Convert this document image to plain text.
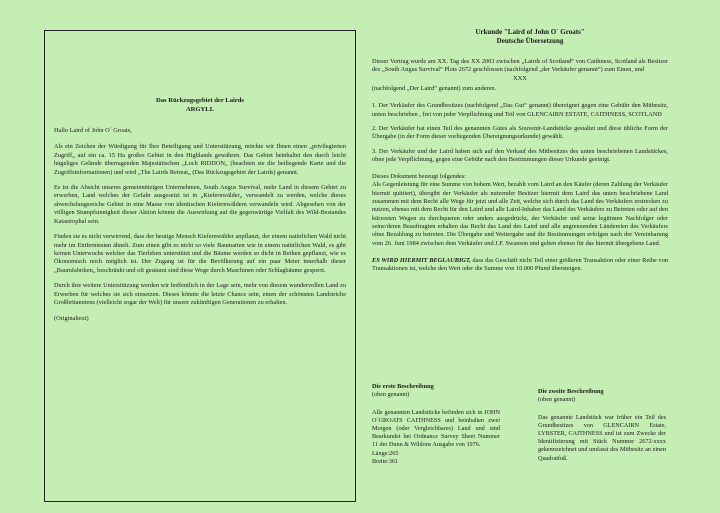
Das Rückzugsgebiet der Lairds
ARGYLL

Hallo Laird of John O´ Groats,

Als ein Zeichen der Würdigung für Ihre Beteiligung und Unterstützung, möchte wir Ihnen einen „privilegierten Zugriff„ auf ein ca. 15 Ha großes Gebiet in den Highlands gewähren. Das Gebiet beinhaltet den durch leicht hügeliges Gelände überragenden Majestätischen „Loch RIDDON„ (beachten sie die beiliegende Karte und die Zugriffsinformationen) und wird „The Lairds Retreat„ (Das Rückzugsgebiet der Lairds) genannt.

Es ist die Absicht unseres gemeinnützigen Unternehmen, South Angus Survival, mehr Land in diesem Gebiet zu erwerben, Land welches der Gefahr ausgesetzt ist in „Kiefernwälder„ verwandelt zu werden, welche dieses abwechslungsreiche Gebiet in eine Masse von identischen Kiefernwäldern verwandeln wird. Abgesehen von der völligen Stumpfsinnigkeit dieser Aktion könnte die Auswirkung auf die gegenwärtige Vielfalt des Wild-Bestandes Katastrophal sein.

Finden sie es nicht verwirrend, dass der heutige Mensch Kiefernwälder anpflanzt, der einem natürlichen Wald nicht mehr im Entferntesten ähnelt. Zum einen gibt es nicht so viele Baumarten wie in einem natürlichen Wald, es gibt keinen Unterwuchs welcher das Tierleben unterstützt und die Bäume werden so dicht in Reihen gepflanzt, wie es Ökonomisch noch möglich ist. Der Zugang ist für die Bevölkerung auf ein paar Meter innerhalb dieser „Baumfabriken„ beschränkt und oft gesäumt sind diese Wege durch Maschinen oder Schlagbäume gesperrt.

Durch ihre weitere Unterstützung werden wir hoffentlich in der Lage sein, mehr von diesem wundervollen Land zu Erwerben für welches sie sich einsetzen. Dieses könnte die letzte Chance sein, einen der schönsten Landstriche Großbritanniens (vielleicht sogar der Welt) für unsere zukünftigen Generationen zu erhalten.

(Originaltext)

Urkunde "Laird of John O´ Groats"
Deutsche Übersetzung

Dieser Vertrag wurde am XX. Tag des XX 2003 zwischen „Lairds of Scotland“ von Caithness, Scotland als Besitzer des „South Angus Survival“ Plots 2672 geschlossen (nachfolgend „der Verkäufer genannt“) zum Einen, und

XXX

(nachfolgend „Der Laird“ genannt) zum anderen.

1. Der Verkäufer des Grundbesitzes (nachfolgend „Das Gut“ genannt) übereignet gegen eine Gebühr den Mitbesitz, unten beschrieben , frei von jeder Verpflichtung und Teil von GLENCAIRN ESTATE, CAITHNESS, SCOTLAND

2. Der Verkäufer hat einen Teil des genannten Gutes als Souvenir-Landstücke gestaltet und diese übliche Form der Übergabe (in der Form dieser vorliegenden Übereignungsurkunde) gewählt.

3. Der Verkäufer und der Laird haben sich auf den Verkauf des Mitbesitzes des unten beschriebenen Landstückes, ohne jede Verpflichtung, gegen eine Gebühr nach den Bestimmungen dieser Urkunde geeinigt.

Dieses Dokument bezeugt folgendes:

Als Gegenleistung für eine Summe von hohem Wert, bezahlt vom Laird an den Käufer (deren Zahlung der Verkäufer hiermit quittiert), übergibt der Verkäufer als nutzender Besitzer hiermit dem Laird das unten beschriebene Land zusammen mit dem Recht alle Wege für jetzt und alle Zeit, welche sich durch das Land des Verkäufers erstrecken zu nutzen, ebenso mit dem Recht für den Laird und alle Laird-Inhaber das Land des Verkäufers zu Betreten oder auf den kürzesten Wegen zu durchqueren oder anders ausgedrückt, der Verkäufer und seine legitimen Nachfolger oder seine/deren Beauftragten erhalten das Recht das Land des Laird und alle angrenzenden Ländereien des Verkäufers ohne Bezahlung zu betreten. Die Übergabe und Weitergabe und die Bestimmungen erfolgen nach der Vereinbarung vom 26. Juni 1984 zwischen dem Verkäufer und J.F. Swanson und gelten ebenso für das hiermit übergebene Land.

ES WIRD HIERMIT BEGLAUBIGT, dass das Geschäft nicht Teil einer größeren Transaktion oder einer Reihe von Transaktionen ist, welche den Wert oder die Summe von 10.000 Pfund übersteigen.

Die erste Beschreibung
(oben genannt)

Alle genannten Landstücke befinden sich in JOHN O´GROATS CAITHNESS und beinhalten zwei Morgen (oder Vergleichbares) Land und sind Bearkundet bei Ordnance Survey Sheet Nummer 11 der Dunn & Wildons Ausgabe von 1976.

Länge:265
Breite:361
Die zweite Beschreibung
(oben genannt)

Das genannte Landstück war früher ein Teil des Grundbesitzes von GLENCAIRN Estate, LYBSTER, CAITHNESS und ist zum Zwecke der Identifizierung mit Stück Nummer 2672-xxxx gekennzeichnet und umfasst des Mitbesitz an einen Quadratfuß.
